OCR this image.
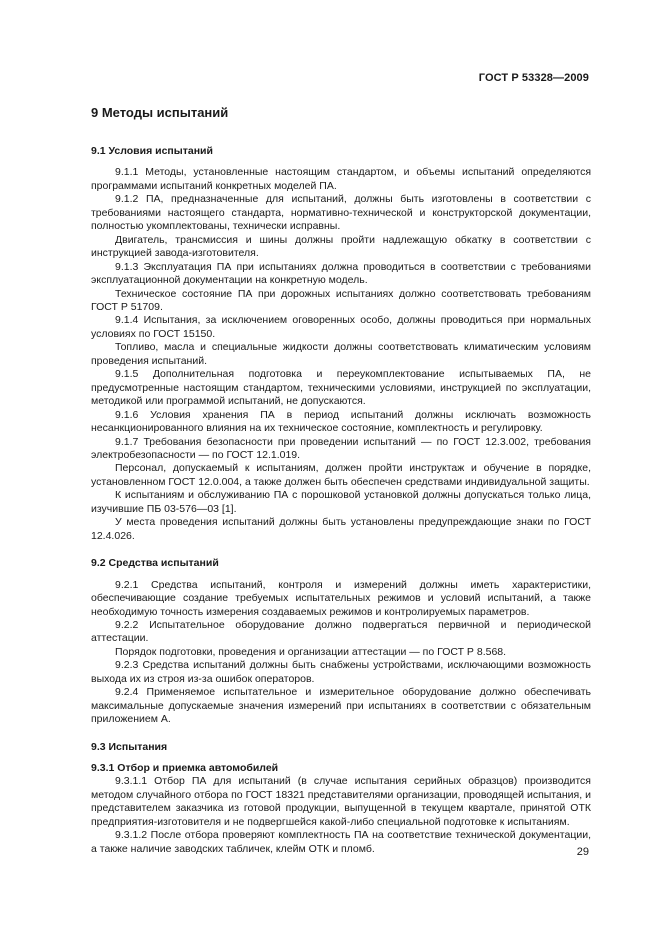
ГОСТ Р 53328—2009
9 Методы испытаний
9.1 Условия испытаний

9.1.1 Методы, установленные настоящим стандартом, и объемы испытаний определяются программами испытаний конкретных моделей ПА.

9.1.2 ПА, предназначенные для испытаний, должны быть изготовлены в соответствии с требованиями настоящего стандарта, нормативно-технической и конструкторской документации, полностью укомплектованы, технически исправны.

Двигатель, трансмиссия и шины должны пройти надлежащую обкатку в соответствии с инструкцией завода-изготовителя.

9.1.3 Эксплуатация ПА при испытаниях должна проводиться в соответствии с требованиями эксплуатационной документации на конкретную модель.

Техническое состояние ПА при дорожных испытаниях должно соответствовать требованиям ГОСТ Р 51709.

9.1.4 Испытания, за исключением оговоренных особо, должны проводиться при нормальных условиях по ГОСТ 15150.

Топливо, масла и специальные жидкости должны соответствовать климатическим условиям проведения испытаний.

9.1.5 Дополнительная подготовка и переукомплектование испытываемых ПА, не предусмотренные настоящим стандартом, техническими условиями, инструкцией по эксплуатации, методикой или программой испытаний, не допускаются.

9.1.6 Условия хранения ПА в период испытаний должны исключать возможность несанкционированного влияния на их техническое состояние, комплектность и регулировку.

9.1.7 Требования безопасности при проведении испытаний — по ГОСТ 12.3.002, требования электробезопасности — по ГОСТ 12.1.019.

Персонал, допускаемый к испытаниям, должен пройти инструктаж и обучение в порядке, установленном ГОСТ 12.0.004, а также должен быть обеспечен средствами индивидуальной защиты.

К испытаниям и обслуживанию ПА с порошковой установкой должны допускаться только лица, изучившие ПБ 03-576—03 [1].

У места проведения испытаний должны быть установлены предупреждающие знаки по ГОСТ 12.4.026.

9.2 Средства испытаний

9.2.1 Средства испытаний, контроля и измерений должны иметь характеристики, обеспечивающие создание требуемых испытательных режимов и условий испытаний, а также необходимую точность измерения создаваемых режимов и контролируемых параметров.

9.2.2 Испытательное оборудование должно подвергаться первичной и периодической аттестации.

Порядок подготовки, проведения и организации аттестации — по ГОСТ Р 8.568.

9.2.3 Средства испытаний должны быть снабжены устройствами, исключающими возможность выхода их из строя из-за ошибок операторов.

9.2.4 Применяемое испытательное и измерительное оборудование должно обеспечивать максимальные допускаемые значения измерений при испытаниях в соответствии с обязательным приложением А.

9.3 Испытания
9.3.1 Отбор и приемка автомобилей

9.3.1.1 Отбор ПА для испытаний (в случае испытания серийных образцов) производится методом случайного отбора по ГОСТ 18321 представителями организации, проводящей испытания, и представителем заказчика из готовой продукции, выпущенной в текущем квартале, принятой ОТК предприятия-изготовителя и не подвергшейся какой-либо специальной подготовке к испытаниям.

9.3.1.2 После отбора проверяют комплектность ПА на соответствие технической документации, а также наличие заводских табличек, клейм ОТК и пломб.	29
